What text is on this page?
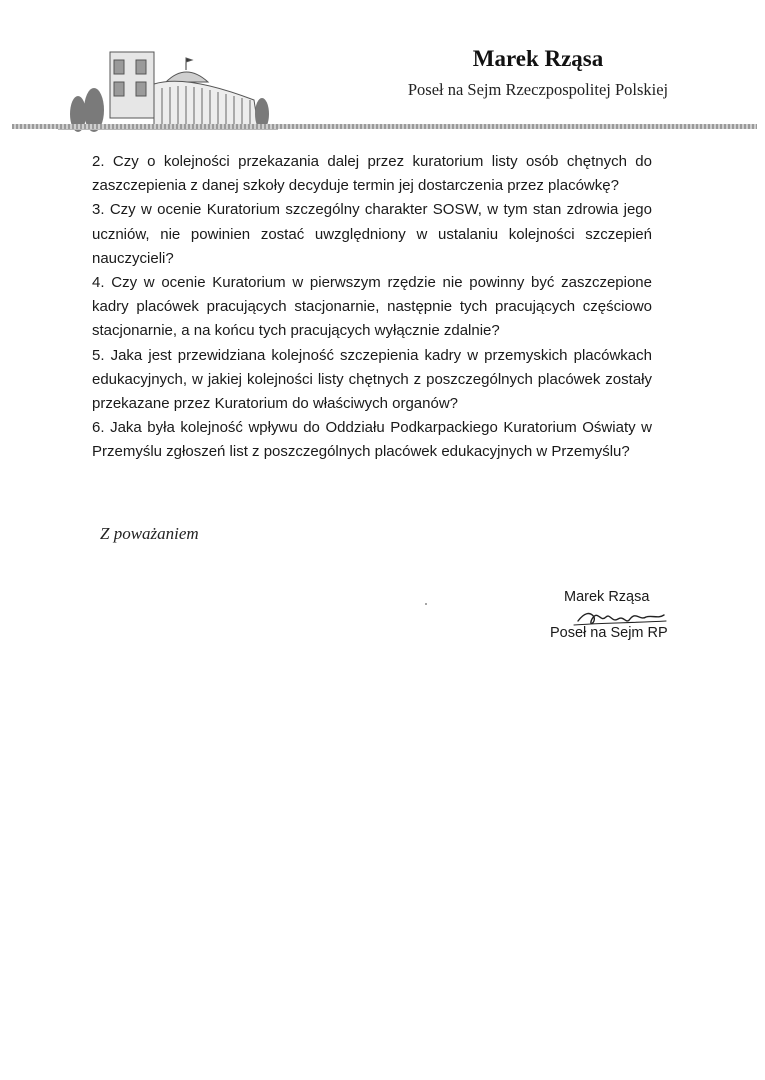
Marek Rząsa
Poseł na Sejm Rzeczpospolitej Polskiej

2. Czy o kolejności przekazania dalej przez kuratorium listy osób chętnych do zaszczepienia z danej szkoły decyduje termin jej dostarczenia przez placówkę?

3. Czy w ocenie Kuratorium szczególny charakter SOSW, w tym stan zdrowia jego uczniów, nie powinien zostać uwzględniony w ustalaniu kolejności szczepień nauczycieli?

4. Czy w ocenie Kuratorium w pierwszym rzędzie nie powinny być zaszczepione kadry placówek pracujących stacjonarnie, następnie tych pracujących częściowo stacjonarnie, a na końcu tych pracujących wyłącznie zdalnie?

5. Jaka jest przewidziana kolejność szczepienia kadry w przemyskich placówkach edukacyjnych, w jakiej kolejności listy chętnych z poszczególnych placówek zostały przekazane przez Kuratorium do właściwych organów?

6. Jaka była kolejność wpływu do Oddziału Podkarpackiego Kuratorium Oświaty w Przemyślu zgłoszeń list z poszczególnych placówek edukacyjnych w Przemyślu?

Z poważaniem
Marek Rząsa
Poseł na Sejm RP
